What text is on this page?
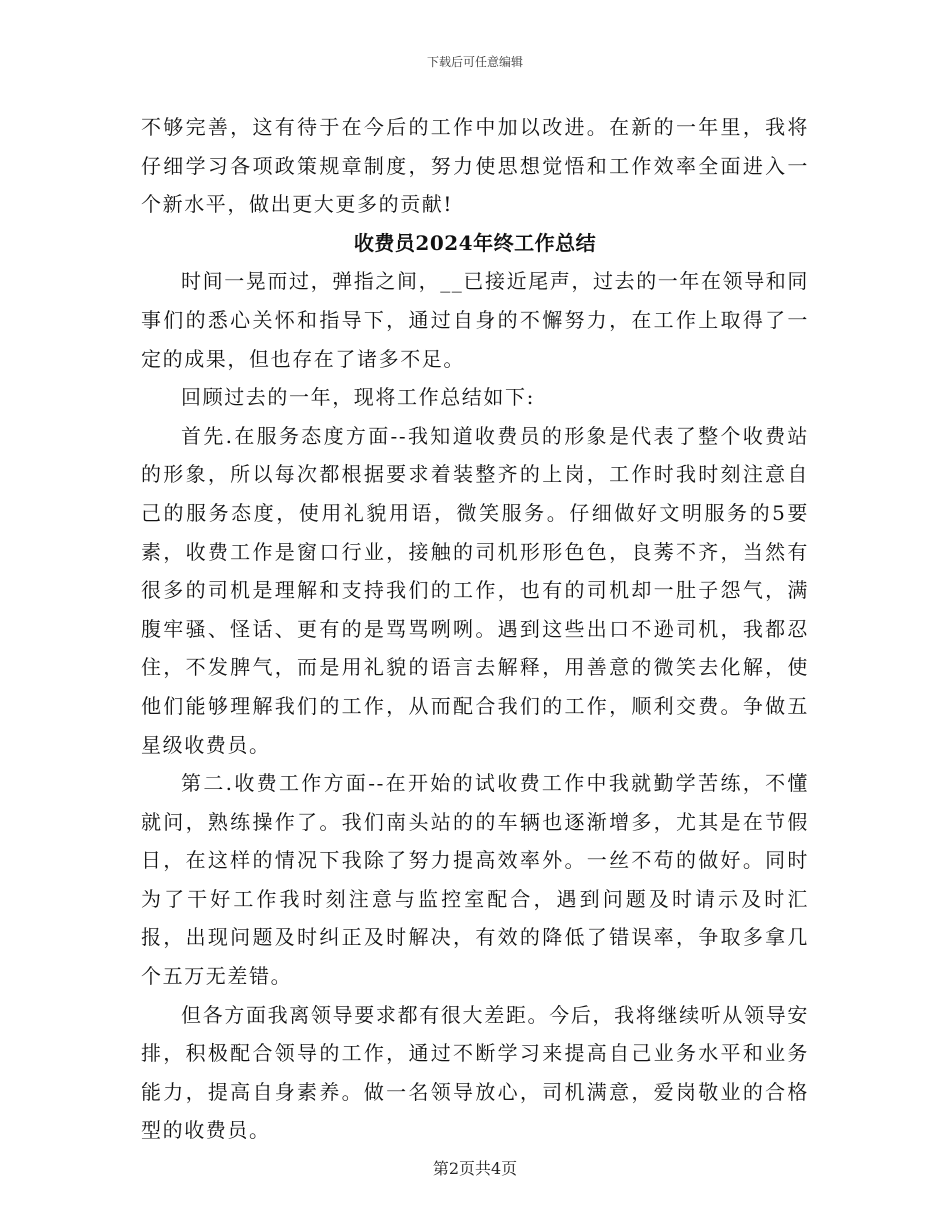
下载后可任意编辑

不够完善，这有待于在今后的工作中加以改进。在新的一年里，我将仔细学习各项政策规章制度，努力使思想觉悟和工作效率全面进入一个新水平，做出更大更多的贡献!

收费员2024年终工作总结

时间一晃而过，弹指之间，__已接近尾声，过去的一年在领导和同事们的悉心关怀和指导下，通过自身的不懈努力，在工作上取得了一定的成果，但也存在了诸多不足。

回顾过去的一年，现将工作总结如下:

首先.在服务态度方面--我知道收费员的形象是代表了整个收费站的形象，所以每次都根据要求着装整齐的上岗，工作时我时刻注意自己的服务态度，使用礼貌用语，微笑服务。仔细做好文明服务的5要素，收费工作是窗口行业，接触的司机形形色色，良莠不齐，当然有很多的司机是理解和支持我们的工作，也有的司机却一肚子怨气，满腹牢骚、怪话、更有的是骂骂咧咧。遇到这些出口不逊司机，我都忍住，不发脾气，而是用礼貌的语言去解释，用善意的微笑去化解，使他们能够理解我们的工作，从而配合我们的工作，顺利交费。争做五星级收费员。

第二.收费工作方面--在开始的试收费工作中我就勤学苦练，不懂就问，熟练操作了。我们南头站的的车辆也逐渐增多，尤其是在节假日，在这样的情况下我除了努力提高效率外。一丝不苟的做好。同时为了干好工作我时刻注意与监控室配合，遇到问题及时请示及时汇报，出现问题及时纠正及时解决，有效的降低了错误率，争取多拿几个五万无差错。

但各方面我离领导要求都有很大差距。今后，我将继续听从领导安排，积极配合领导的工作，通过不断学习来提高自己业务水平和业务能力，提高自身素养。做一名领导放心，司机满意，爱岗敬业的合格型的收费员。

第2页共4页
